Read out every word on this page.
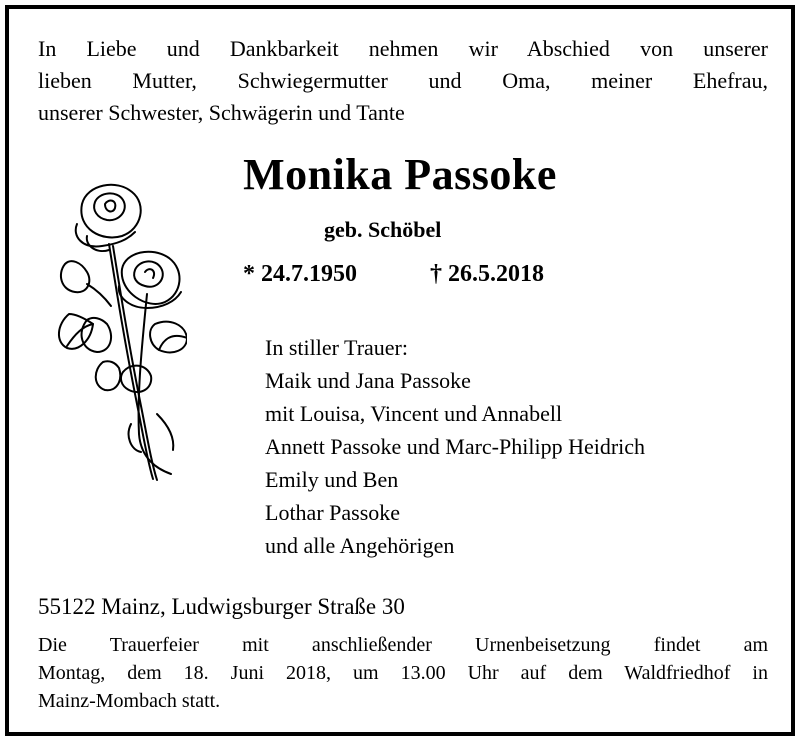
In Liebe und Dankbarkeit nehmen wir Abschied von unserer
lieben Mutter, Schwiegermutter und Oma, meiner Ehefrau,
unserer Schwester, Schwägerin und Tante
Monika Passoke
geb. Schöbel
* 24.7.1950	† 26.5.2018
In stiller Trauer:
Maik und Jana Passoke
mit Louisa, Vincent und Annabell
Annett Passoke und Marc-Philipp Heidrich
Emily und Ben
Lothar Passoke
und alle Angehörigen
55122 Mainz, Ludwigsburger Straße 30
Die Trauerfeier mit anschließender Urnenbeisetzung findet am
Montag, dem 18. Juni 2018, um 13.00 Uhr auf dem Waldfriedhof in
Mainz-Mombach statt.
